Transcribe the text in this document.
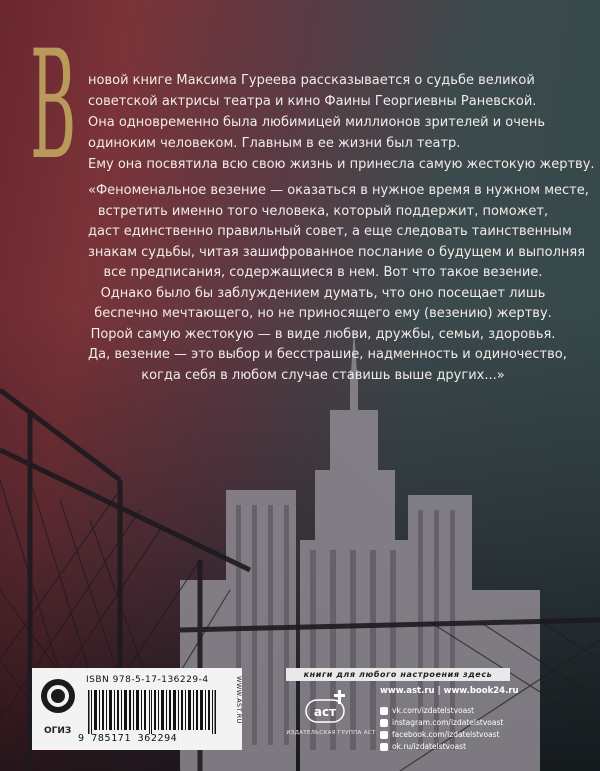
В новой книге Максима Гуреева рассказывается о судьбе великой
советской актрисы театра и кино Фаины Георгиевны Раневской.
Она одновременно была любимицей миллионов зрителей и очень
одиноким человеком. Главным в ее жизни был театр.
Ему она посвятила всю свою жизнь и принесла самую жестокую жертву.

«Феноменальное везение — оказаться в нужное время в нужном месте,
встретить именно того человека, который поддержит, поможет,
даст единственно правильный совет, а еще следовать таинственным
знакам судьбы, читая зашифрованное послание о будущем и выполняя
все предписания, содержащиеся в нем. Вот что такое везение.
Однако было бы заблуждением думать, что оно посещает лишь
беспечно мечтающего, но не приносящего ему (везению) жертву.
Порой самую жестокую — в виде любви, дружбы, семьи, здоровья.
Да, везение — это выбор и бесстрашие, надменность и одиночество,
когда себя в любом случае ставишь выше других...»

книги для любого настроения здесь
ОГИЗ
ISBN 978-5-17-136229-4
9 785171 362294
WWW.AST.RU	аст
ИЗДАТЕЛЬСКАЯ ГРУППА АСТ
www.ast.ru | www.book24.ru
vk.com/izdatelstvoast
instagram.com/izdatelstvoast
facebook.com/izdatelstvoast
ok.ru/izdatelstvoast
